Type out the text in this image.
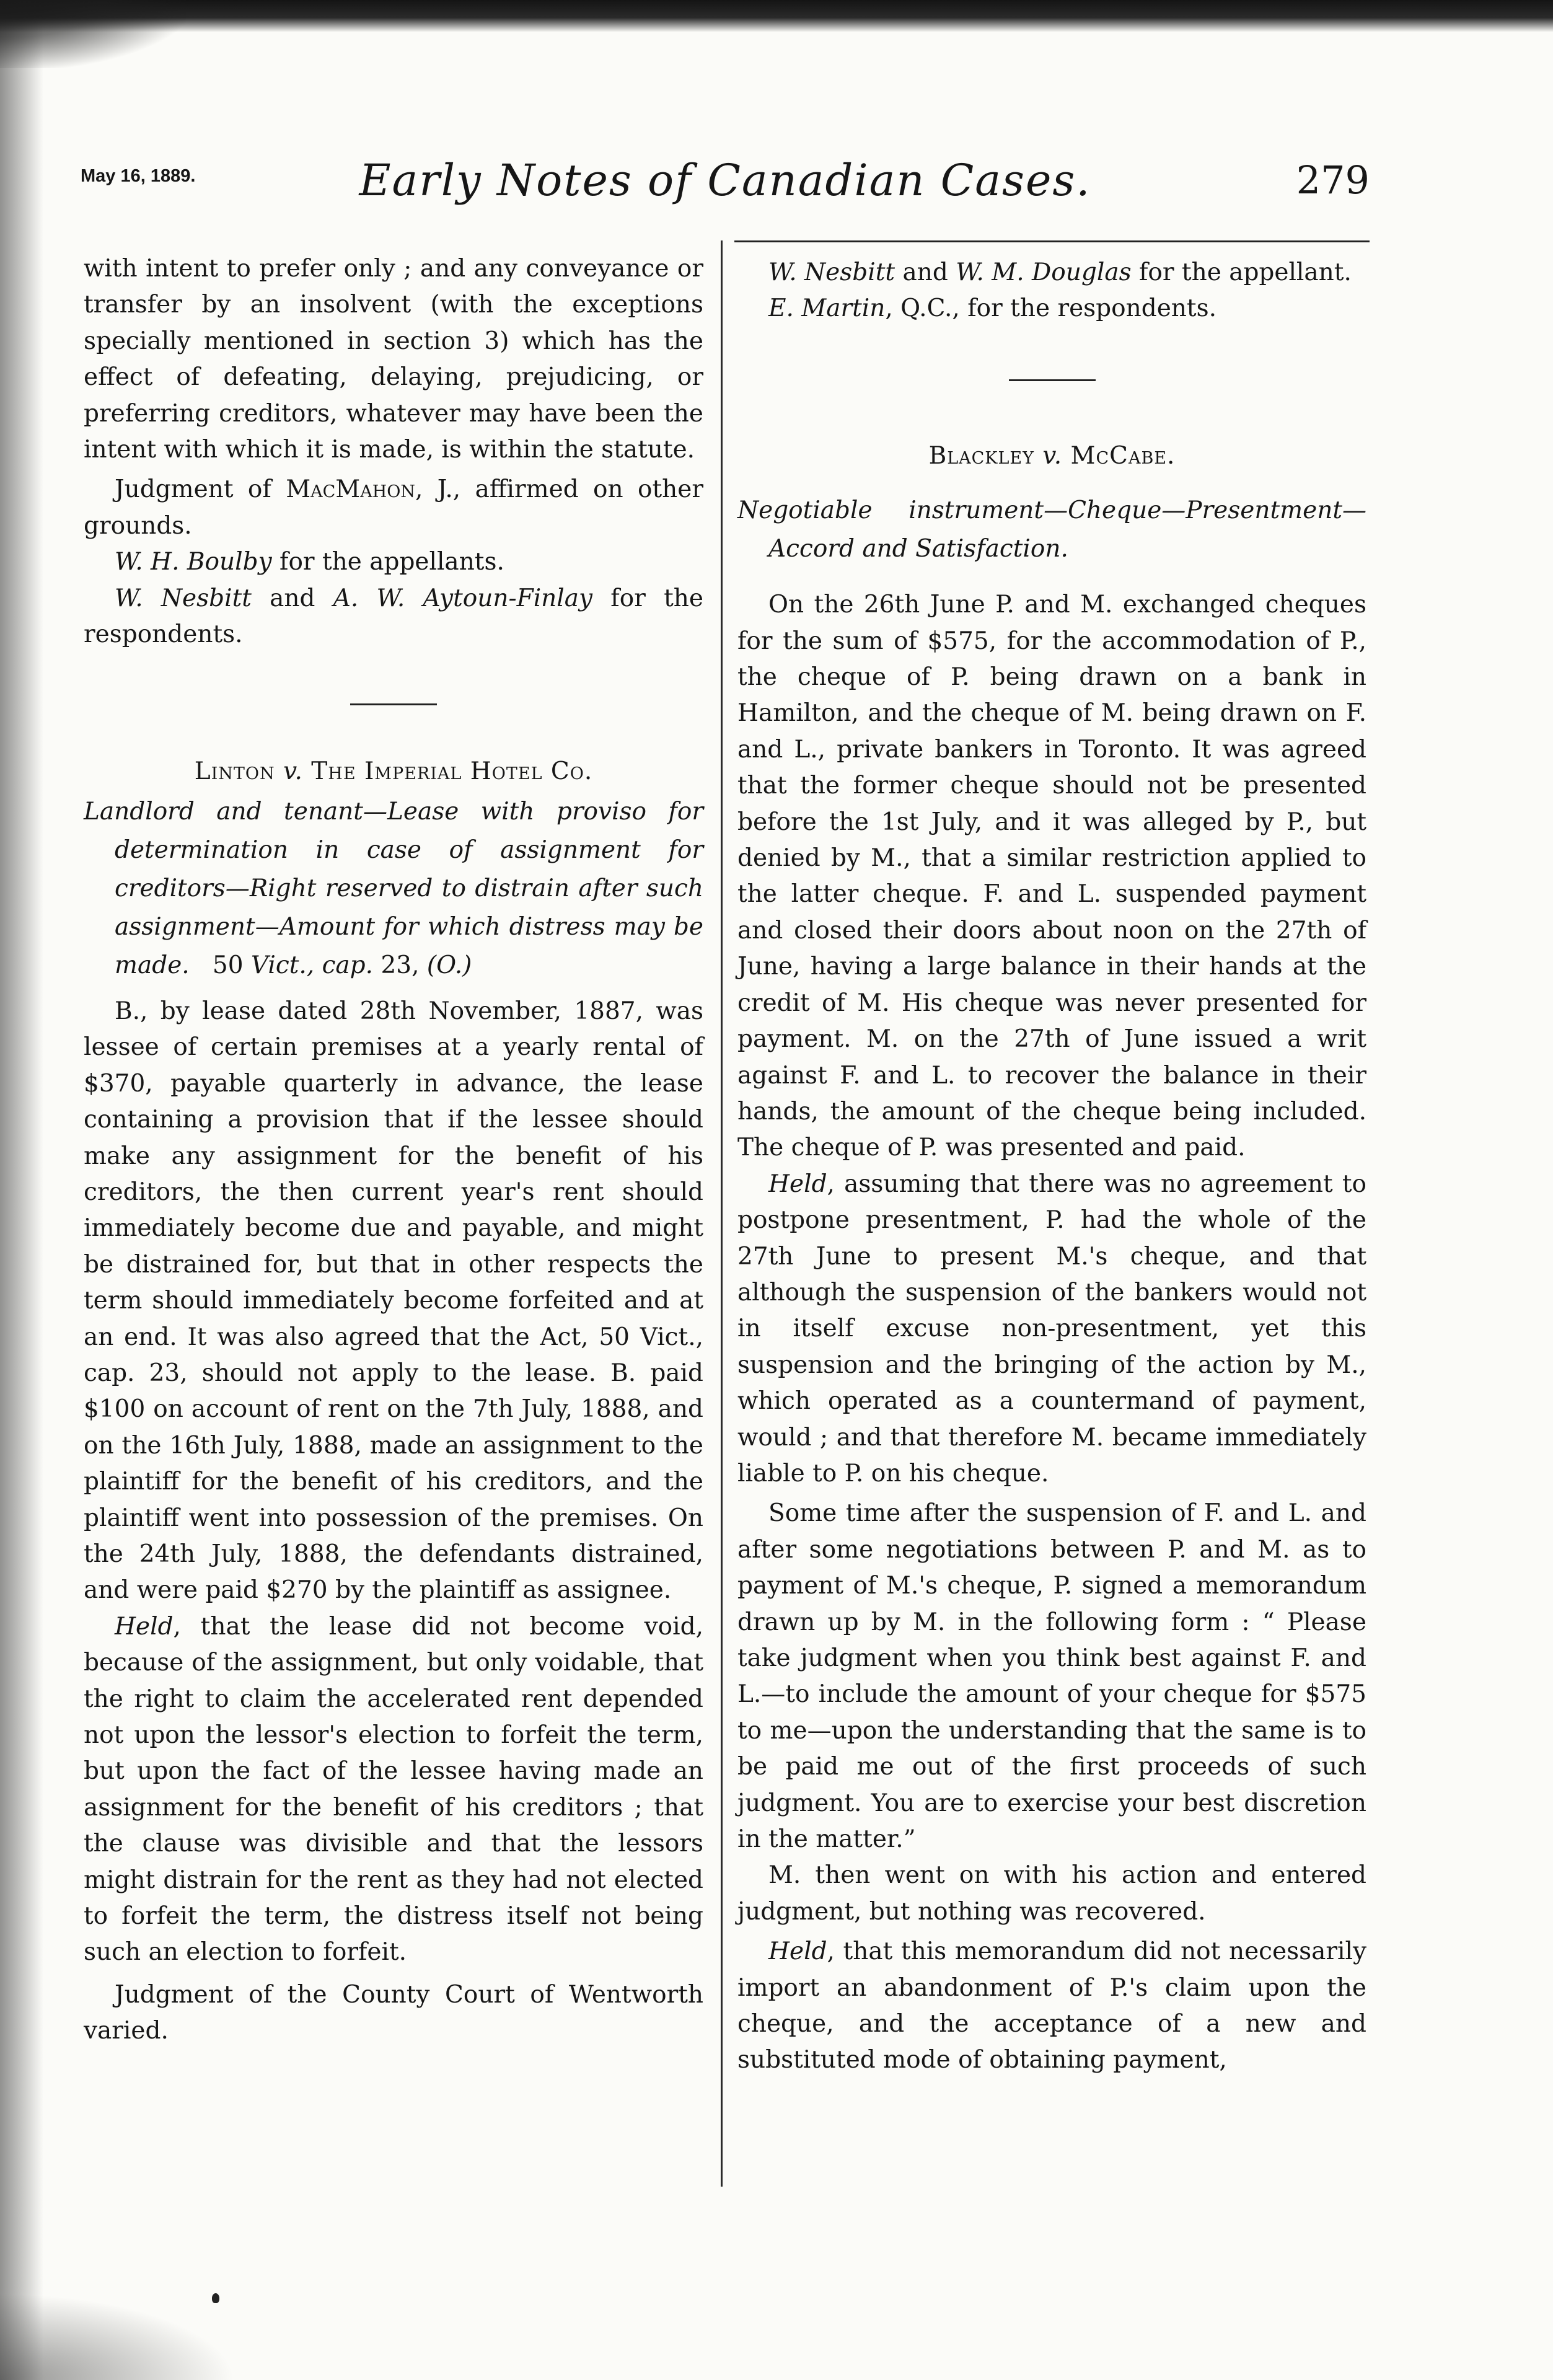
May 16, 1889.	Early Notes of Canadian Cases.	279

with intent to prefer only ; and any conveyance or transfer by an insolvent (with the exceptions specially mentioned in section 3) which has the effect of defeating, delaying, prejudicing, or preferring creditors, whatever may have been the intent with which it is made, is within the statute.

Judgment of MacMahon, J., affirmed on other grounds.

W. H. Boulby for the appellants.

W. Nesbitt and A. W. Aytoun-Finlay for the respondents.

Linton v. The Imperial Hotel Co.

Landlord and tenant—Lease with proviso for determination in case of assignment for creditors—Right reserved to distrain after such assignment—Amount for which distress may be made. 50 Vict., cap. 23, (O.)

B., by lease dated 28th November, 1887, was lessee of certain premises at a yearly rental of $370, payable quarterly in advance, the lease containing a provision that if the lessee should make any assignment for the benefit of his creditors, the then current year's rent should immediately become due and payable, and might be distrained for, but that in other respects the term should immediately become forfeited and at an end. It was also agreed that the Act, 50 Vict., cap. 23, should not apply to the lease. B. paid $100 on account of rent on the 7th July, 1888, and on the 16th July, 1888, made an assignment to the plaintiff for the benefit of his creditors, and the plaintiff went into possession of the premises. On the 24th July, 1888, the defendants distrained, and were paid $270 by the plaintiff as assignee.

Held, that the lease did not become void, because of the assignment, but only voidable, that the right to claim the accelerated rent depended not upon the lessor's election to forfeit the term, but upon the fact of the lessee having made an assignment for the benefit of his creditors ; that the clause was divisible and that the lessors might distrain for the rent as they had not elected to forfeit the term, the distress itself not being such an election to forfeit.

Judgment of the County Court of Wentworth varied.

W. Nesbitt and W. M. Douglas for the appellant.

E. Martin, Q.C., for the respondents.

Blackley v. McCabe.

Negotiable instrument—Cheque—Presentment—Accord and Satisfaction.

On the 26th June P. and M. exchanged cheques for the sum of $575, for the accommodation of P., the cheque of P. being drawn on a bank in Hamilton, and the cheque of M. being drawn on F. and L., private bankers in Toronto. It was agreed that the former cheque should not be presented before the 1st July, and it was alleged by P., but denied by M., that a similar restriction applied to the latter cheque. F. and L. suspended payment and closed their doors about noon on the 27th of June, having a large balance in their hands at the credit of M. His cheque was never presented for payment. M. on the 27th of June issued a writ against F. and L. to recover the balance in their hands, the amount of the cheque being included. The cheque of P. was presented and paid.

Held, assuming that there was no agreement to postpone presentment, P. had the whole of the 27th June to present M.'s cheque, and that although the suspension of the bankers would not in itself excuse non-presentment, yet this suspension and the bringing of the action by M., which operated as a countermand of payment, would ; and that therefore M. became immediately liable to P. on his cheque.

Some time after the suspension of F. and L. and after some negotiations between P. and M. as to payment of M.'s cheque, P. signed a memorandum drawn up by M. in the following form : “ Please take judgment when you think best against F. and L.—to include the amount of your cheque for $575 to me—upon the understanding that the same is to be paid me out of the first proceeds of such judgment. You are to exercise your best discretion in the matter.”

M. then went on with his action and entered judgment, but nothing was recovered.

Held, that this memorandum did not necessarily import an abandonment of P.'s claim upon the cheque, and the acceptance of a new and substituted mode of obtaining payment,
